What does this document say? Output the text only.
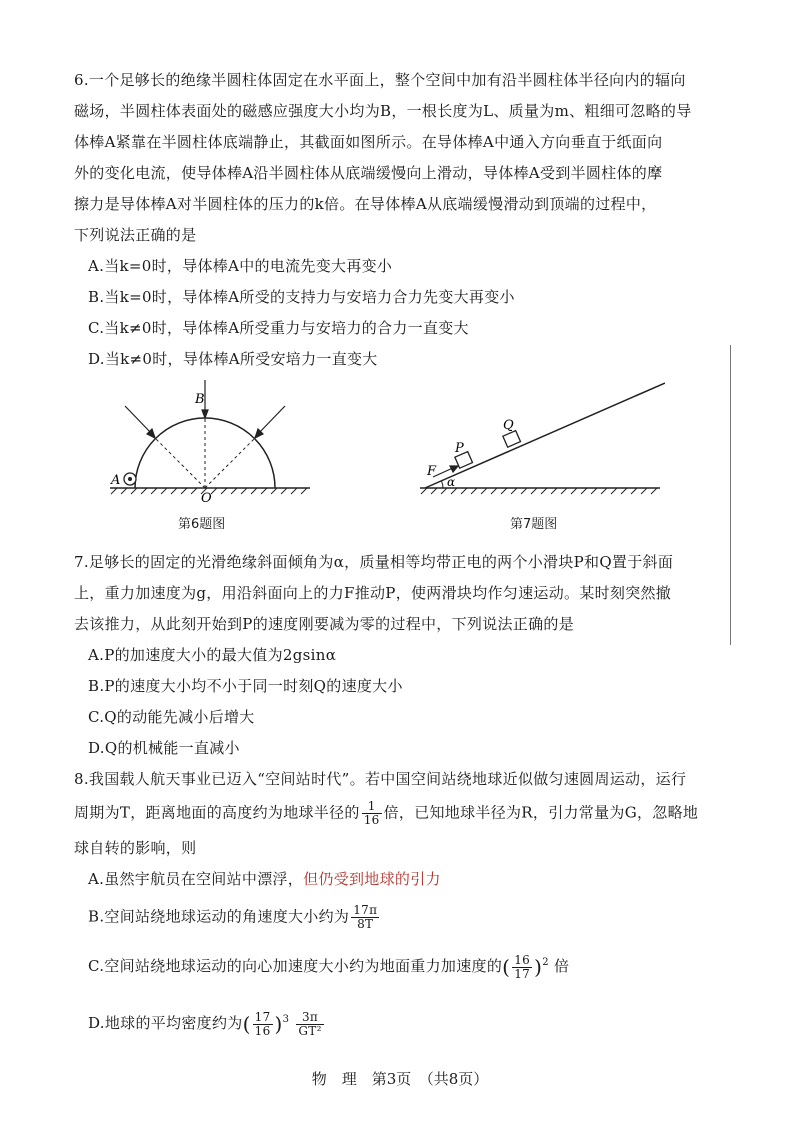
6.一个足够长的绝缘半圆柱体固定在水平面上，整个空间中加有沿半圆柱体半径向内的辐向
磁场，半圆柱体表面处的磁感应强度大小均为B，一根长度为L、质量为m、粗细可忽略的导
体棒A紧靠在半圆柱体底端静止，其截面如图所示。在导体棒A中通入方向垂直于纸面向
外的变化电流，使导体棒A沿半圆柱体从底端缓慢向上滑动，导体棒A受到半圆柱体的摩
擦力是导体棒A对半圆柱体的压力的k倍。在导体棒A从底端缓慢滑动到顶端的过程中，
下列说法正确的是
A.当k=0时，导体棒A中的电流先变大再变小
B.当k=0时，导体棒A所受的支持力与安培力合力先变大再变小
C.当k≠0时，导体棒A所受重力与安培力的合力一直变大
D.当k≠0时，导体棒A所受安培力一直变大
B
A
O
第6题图
P
Q
F
α
第7题图
7.足够长的固定的光滑绝缘斜面倾角为α，质量相等均带正电的两个小滑块P和Q置于斜面
上，重力加速度为g，用沿斜面向上的力F推动P，使两滑块均作匀速运动。某时刻突然撤
去该推力，从此刻开始到P的速度刚要减为零的过程中，下列说法正确的是
A.P的加速度大小的最大值为2gsinα
B.P的速度大小均不小于同一时刻Q的速度大小
C.Q的动能先减小后增大
D.Q的机械能一直减小
8.我国载人航天事业已迈入“空间站时代”。若中国空间站绕地球近似做匀速圆周运动，运行
周期为T，距离地面的高度约为地球半径的 $\frac{1}{16}$ 倍，已知地球半径为R，引力常量为G，忽略地
球自转的影响，则
A.虽然宇航员在空间站中漂浮，但仍受到地球的引力
B.空间站绕地球运动的角速度大小约为 $\frac{17\pi}{8T}$
C.空间站绕地球运动的向心加速度大小约为地面重力加速度的( $\frac{16}{17} )^2$ 倍
D.地球的平均密度约为( $\frac{17}{16} )^3 \frac{3\pi}{\text{GT²}}$
物　理　第3页　（共8页）
